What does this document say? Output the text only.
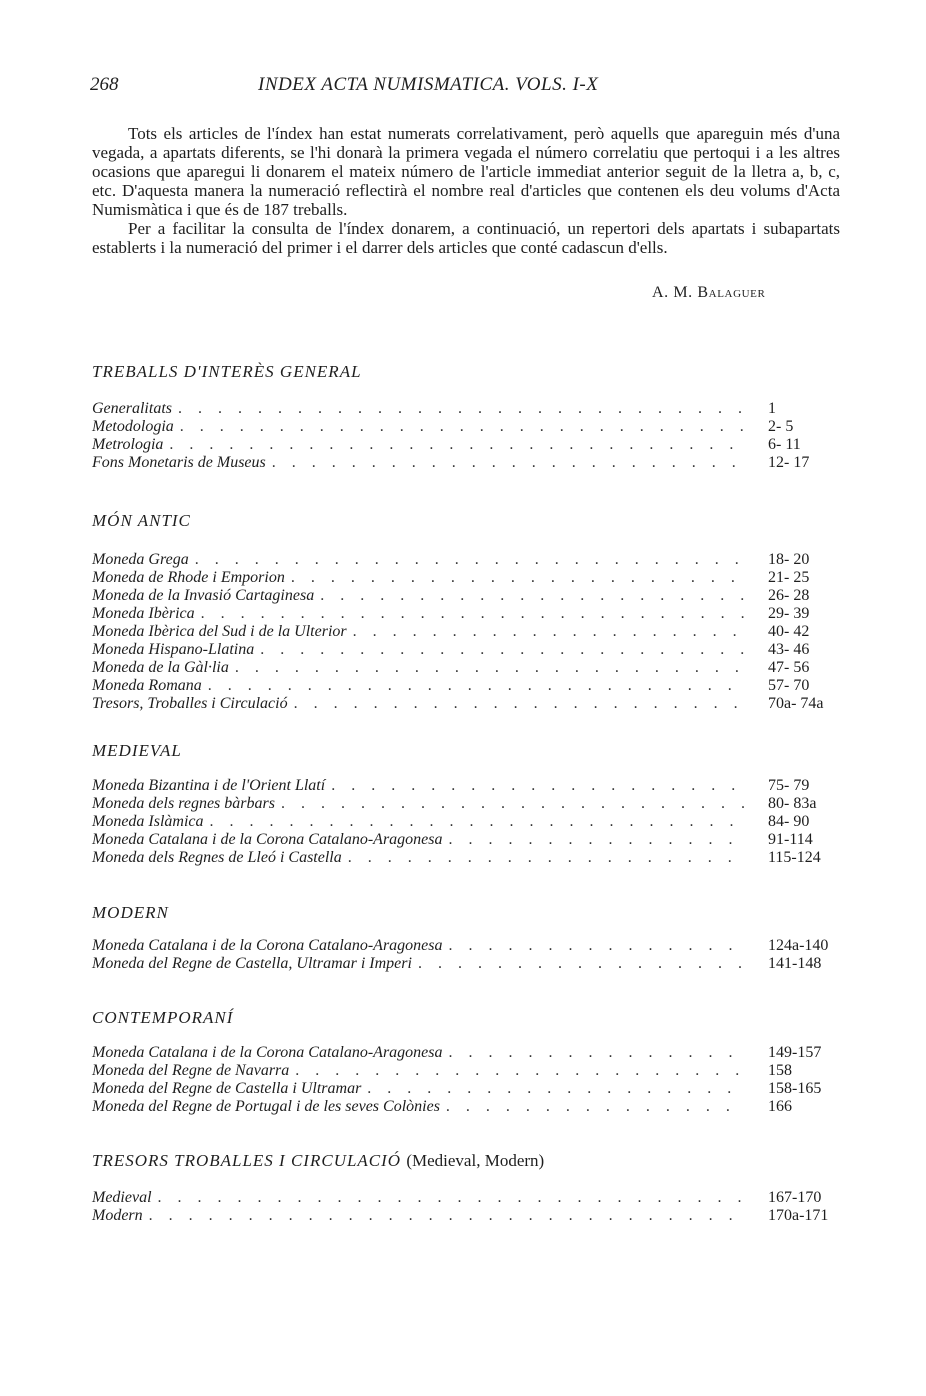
268	INDEX ACTA NUMISMATICA. VOLS. I-X

Tots els articles de l'índex han estat numerats correlativament, però aquells que apareguin més d'una vegada, a apartats diferents, se l'hi donarà la primera vegada el número correlatiu que pertoqui i a les altres ocasions que aparegui li donarem el mateix número de l'article immediat anterior seguit de la lletra a, b, c, etc. D'aquesta manera la numeració reflectirà el nombre real d'articles que contenen els deu volums d'Acta Numismàtica i que és de 187 treballs.

Per a facilitar la consulta de l'índex donarem, a continuació, un repertori dels apartats i subapartats establerts i la numeració del primer i el darrer dels articles que conté cadascun d'ells.

A. M. Balaguer
TREBALLS D'INTERÈS GENERAL
Generalitats . . .	1
Metodologia . . .	2- 5
Metrologia . . .	6- 11
Fons Monetaris de Museus . . .	12- 17
MÓN ANTIC
Moneda Grega . . .	18- 20
Moneda de Rhode i Emporion . . .	21- 25
Moneda de la Invasió Cartaginesa . . .	26- 28
Moneda Ibèrica . . .	29- 39
Moneda Ibèrica del Sud i de la Ulterior . . .	40- 42
Moneda Hispano-Llatina . . .	43- 46
Moneda de la Gàl·lia . . .	47- 56
Moneda Romana . . .	57- 70
Tresors, Troballes i Circulació . . .	70a- 74a
MEDIEVAL
Moneda Bizantina i de l'Orient Llatí . . .	75- 79
Moneda dels regnes bàrbars . . .	80- 83a
Moneda Islàmica . . .	84- 90
Moneda Catalana i de la Corona Catalano-Aragonesa . . .	91-114
Moneda dels Regnes de Lleó i Castella . . .	115-124
MODERN
Moneda Catalana i de la Corona Catalano-Aragonesa . . .	124a-140
Moneda del Regne de Castella, Ultramar i Imperi . . .	141-148
CONTEMPORANÍ
Moneda Catalana i de la Corona Catalano-Aragonesa . . .	149-157
Moneda del Regne de Navarra . . .	158
Moneda del Regne de Castella i Ultramar . . .	158-165
Moneda del Regne de Portugal i de les seves Colònies . . .	166
TRESORS TROBALLES I CIRCULACIÓ (Medieval, Modern)
Medieval . . .	167-170
Modern . . .	170a-171
